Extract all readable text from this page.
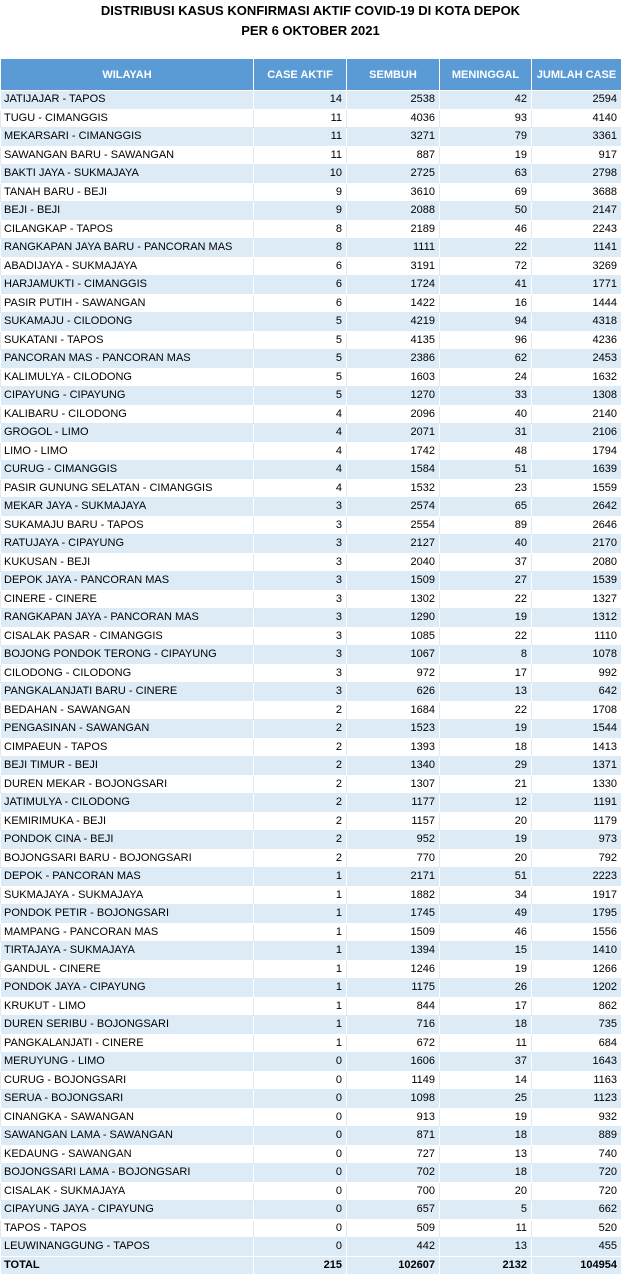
DISTRIBUSI KASUS KONFIRMASI AKTIF COVID-19 DI KOTA DEPOK
PER 6 OKTOBER 2021
WILAYAH	CASE AKTIF	SEMBUH	MENINGGAL	JUMLAH CASE
JATIJAJAR - TAPOS	14	2538	42	2594
TUGU - CIMANGGIS	11	4036	93	4140
MEKARSARI - CIMANGGIS	11	3271	79	3361
SAWANGAN BARU - SAWANGAN	11	887	19	917
BAKTI JAYA - SUKMAJAYA	10	2725	63	2798
TANAH BARU - BEJI	9	3610	69	3688
BEJI - BEJI	9	2088	50	2147
CILANGKAP - TAPOS	8	2189	46	2243
RANGKAPAN JAYA BARU - PANCORAN MAS	8	1111	22	1141
ABADIJAYA - SUKMAJAYA	6	3191	72	3269
HARJAMUKTI - CIMANGGIS	6	1724	41	1771
PASIR PUTIH - SAWANGAN	6	1422	16	1444
SUKAMAJU - CILODONG	5	4219	94	4318
SUKATANI - TAPOS	5	4135	96	4236
PANCORAN MAS - PANCORAN MAS	5	2386	62	2453
KALIMULYA - CILODONG	5	1603	24	1632
CIPAYUNG - CIPAYUNG	5	1270	33	1308
KALIBARU - CILODONG	4	2096	40	2140
GROGOL - LIMO	4	2071	31	2106
LIMO - LIMO	4	1742	48	1794
CURUG - CIMANGGIS	4	1584	51	1639
PASIR GUNUNG SELATAN - CIMANGGIS	4	1532	23	1559
MEKAR JAYA - SUKMAJAYA	3	2574	65	2642
SUKAMAJU BARU - TAPOS	3	2554	89	2646
RATUJAYA - CIPAYUNG	3	2127	40	2170
KUKUSAN - BEJI	3	2040	37	2080
DEPOK JAYA - PANCORAN MAS	3	1509	27	1539
CINERE - CINERE	3	1302	22	1327
RANGKAPAN JAYA - PANCORAN MAS	3	1290	19	1312
CISALAK PASAR - CIMANGGIS	3	1085	22	1110
BOJONG PONDOK TERONG - CIPAYUNG	3	1067	8	1078
CILODONG - CILODONG	3	972	17	992
PANGKALANJATI BARU - CINERE	3	626	13	642
BEDAHAN - SAWANGAN	2	1684	22	1708
PENGASINAN - SAWANGAN	2	1523	19	1544
CIMPAEUN - TAPOS	2	1393	18	1413
BEJI TIMUR - BEJI	2	1340	29	1371
DUREN MEKAR - BOJONGSARI	2	1307	21	1330
JATIMULYA - CILODONG	2	1177	12	1191
KEMIRIMUKA - BEJI	2	1157	20	1179
PONDOK CINA - BEJI	2	952	19	973
BOJONGSARI BARU - BOJONGSARI	2	770	20	792
DEPOK - PANCORAN MAS	1	2171	51	2223
SUKMAJAYA - SUKMAJAYA	1	1882	34	1917
PONDOK PETIR - BOJONGSARI	1	1745	49	1795
MAMPANG - PANCORAN MAS	1	1509	46	1556
TIRTAJAYA - SUKMAJAYA	1	1394	15	1410
GANDUL - CINERE	1	1246	19	1266
PONDOK JAYA - CIPAYUNG	1	1175	26	1202
KRUKUT - LIMO	1	844	17	862
DUREN SERIBU - BOJONGSARI	1	716	18	735
PANGKALANJATI - CINERE	1	672	11	684
MERUYUNG - LIMO	0	1606	37	1643
CURUG - BOJONGSARI	0	1149	14	1163
SERUA - BOJONGSARI	0	1098	25	1123
CINANGKA - SAWANGAN	0	913	19	932
SAWANGAN LAMA - SAWANGAN	0	871	18	889
KEDAUNG - SAWANGAN	0	727	13	740
BOJONGSARI LAMA - BOJONGSARI	0	702	18	720
CISALAK - SUKMAJAYA	0	700	20	720
CIPAYUNG JAYA - CIPAYUNG	0	657	5	662
TAPOS - TAPOS	0	509	11	520
LEUWINANGGUNG - TAPOS	0	442	13	455
TOTAL	215	102607	2132	104954
